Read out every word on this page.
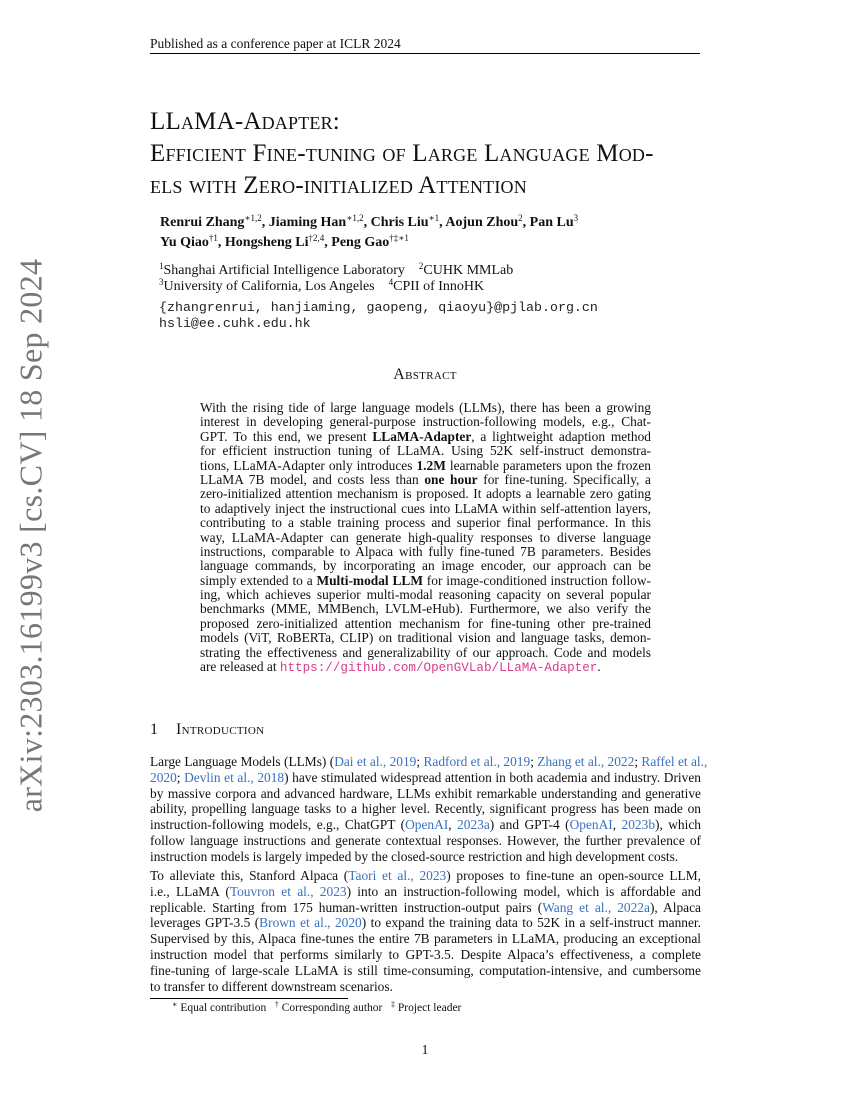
Published as a conference paper at ICLR 2024
arXiv:2303.16199v3 [cs.CV] 18 Sep 2024
LLaMA-Adapter:
Efficient Fine-tuning of Large Language Mod-
els with Zero-initialized Attention
Renrui Zhang$^{∗1,2}$, Jiaming Han$^{∗1,2}$, Chris Liu$^{∗1}$, Aojun Zhou$^2$, Pan Lu$^3$
Yu Qiao$^{\dagger 1}$, Hongsheng Li$^{\dagger 2,4}$, Peng Gao$^{\dagger\ddagger∗1}$
$^1$Shanghai Artificial Intelligence Laboratory $^2$CUHK MMLab
$^3$University of California, Los Angeles $^4$CPII of InnoHK
{zhangrenrui, hanjiaming, gaopeng, qiaoyu}@pjlab.org.cn
hsli@ee.cuhk.edu.hk
Abstract
With the rising tide of large language models (LLMs), there has been a growing
interest in developing general-purpose instruction-following models, e.g., Chat-
GPT. To this end, we present LLaMA-Adapter, a lightweight adaption method
for efficient instruction tuning of LLaMA. Using 52K self-instruct demonstra-
tions, LLaMA-Adapter only introduces 1.2M learnable parameters upon the frozen
LLaMA 7B model, and costs less than one hour for fine-tuning. Specifically, a
zero-initialized attention mechanism is proposed. It adopts a learnable zero gating
to adaptively inject the instructional cues into LLaMA within self-attention layers,
contributing to a stable training process and superior final performance. In this
way, LLaMA-Adapter can generate high-quality responses to diverse language
instructions, comparable to Alpaca with fully fine-tuned 7B parameters. Besides
language commands, by incorporating an image encoder, our approach can be
simply extended to a Multi-modal LLM for image-conditioned instruction follow-
ing, which achieves superior multi-modal reasoning capacity on several popular
benchmarks (MME, MMBench, LVLM-eHub). Furthermore, we also verify the
proposed zero-initialized attention mechanism for fine-tuning other pre-trained
models (ViT, RoBERTa, CLIP) on traditional vision and language tasks, demon-
strating the effectiveness and generalizability of our approach. Code and models
are released at https://github.com/OpenGVLab/LLaMA-Adapter.
1 Introduction
Large Language Models (LLMs) (Dai et al., 2019; Radford et al., 2019; Zhang et al., 2022; Raffel et al.,
2020; Devlin et al., 2018) have stimulated widespread attention in both academia and industry. Driven
by massive corpora and advanced hardware, LLMs exhibit remarkable understanding and generative
ability, propelling language tasks to a higher level. Recently, significant progress has been made on
instruction-following models, e.g., ChatGPT (OpenAI, 2023a) and GPT-4 (OpenAI, 2023b), which
follow language instructions and generate contextual responses. However, the further prevalence of
instruction models is largely impeded by the closed-source restriction and high development costs.
To alleviate this, Stanford Alpaca (Taori et al., 2023) proposes to fine-tune an open-source LLM,
i.e., LLaMA (Touvron et al., 2023) into an instruction-following model, which is affordable and
replicable. Starting from 175 human-written instruction-output pairs (Wang et al., 2022a), Alpaca
leverages GPT-3.5 (Brown et al., 2020) to expand the training data to 52K in a self-instruct manner.
Supervised by this, Alpaca fine-tunes the entire 7B parameters in LLaMA, producing an exceptional
instruction model that performs similarly to GPT-3.5. Despite Alpaca’s effectiveness, a complete
fine-tuning of large-scale LLaMA is still time-consuming, computation-intensive, and cumbersome
to transfer to different downstream scenarios.
∗ Equal contribution † Corresponding author ‡ Project leader
1
